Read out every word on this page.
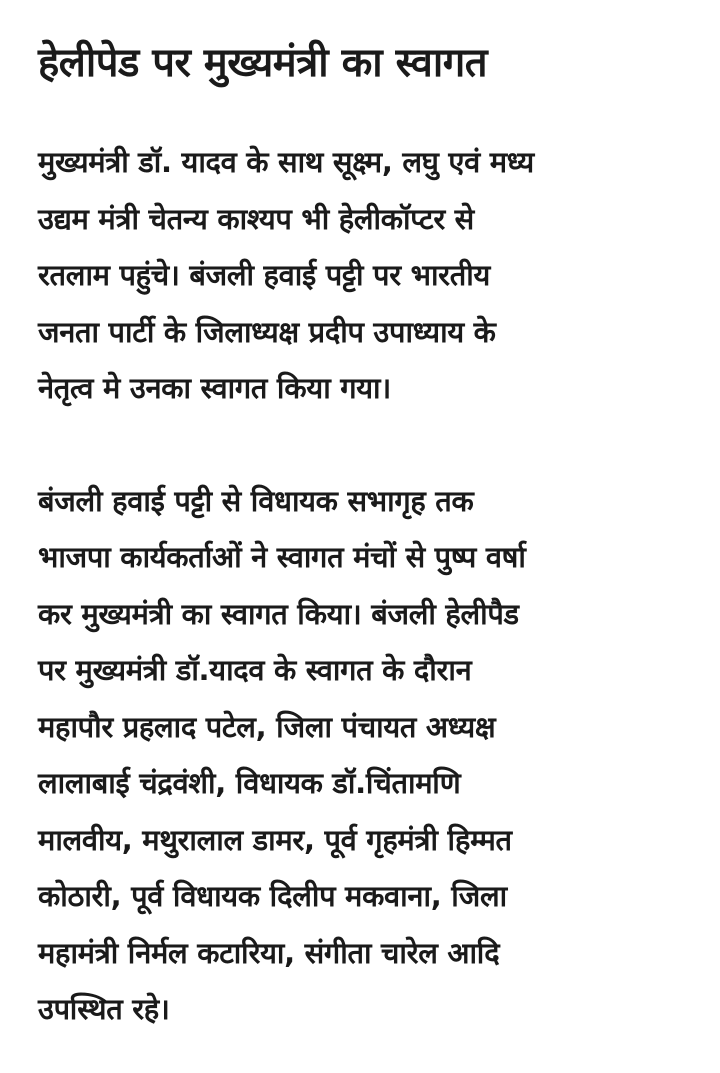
हेलीपेड पर मुख्यमंत्री का स्वागत

मुख्यमंत्री डॉ. यादव के साथ सूक्ष्म, लघु एवं मध्य
उद्यम मंत्री चेतन्य काश्यप भी हेलीकॉप्टर से
रतलाम पहुंचे। बंजली हवाई पट्टी पर भारतीय
जनता पार्टी के जिलाध्यक्ष प्रदीप उपाध्याय के
नेतृत्व मे उनका स्वागत किया गया।

बंजली हवाई पट्टी से विधायक सभागृह तक
भाजपा कार्यकर्ताओं ने स्वागत मंचों से पुष्प वर्षा
कर मुख्यमंत्री का स्वागत किया। बंजली हेलीपैड
पर मुख्यमंत्री डॉ.यादव के स्वागत के दौरान
महापौर प्रहलाद पटेल, जिला पंचायत अध्यक्ष
लालाबाई चंद्रवंशी, विधायक डॉ.चिंतामणि
मालवीय, मथुरालाल डामर, पूर्व गृहमंत्री हिम्मत
कोठारी, पूर्व विधायक दिलीप मकवाना, जिला
महामंत्री निर्मल कटारिया, संगीता चारेल आदि
उपस्थित रहे।
